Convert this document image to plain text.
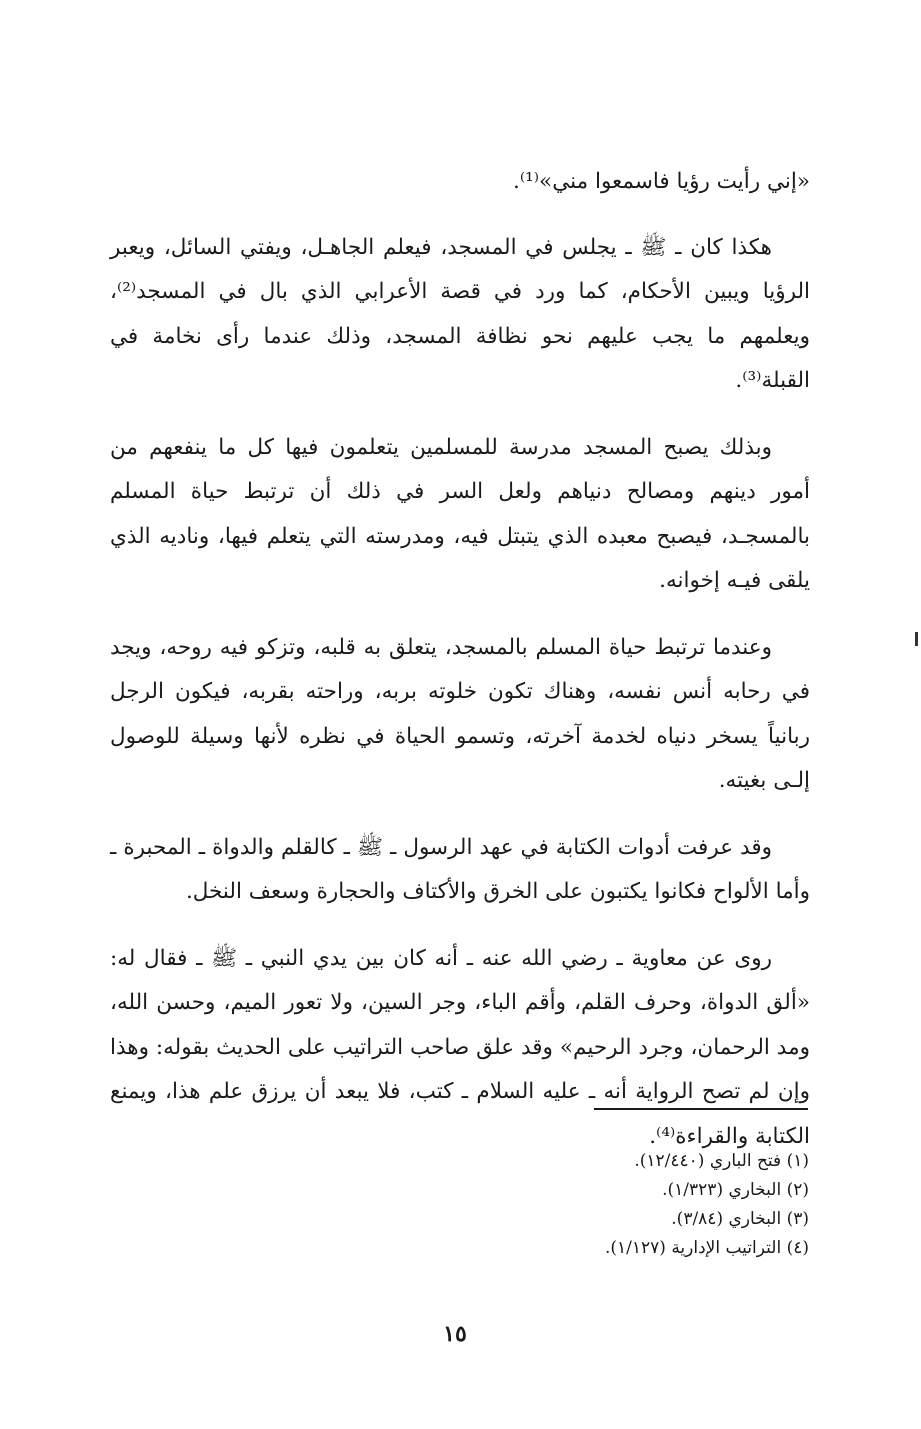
«إني رأيت رؤيا فاسمعوا مني»⁽¹⁾.

هكذا كان ـ ﷺ ـ يجلس في المسجد، فيعلم الجاهـل، ويفتي السائل، ويعبر الرؤيا ويبين الأحكام، كما ورد في قصة الأعرابي الذي بال في المسجد⁽²⁾، ويعلمهم ما يجب عليهم نحو نظافة المسجد، وذلك عندما رأى نخامة في القبلة⁽³⁾.

وبذلك يصبح المسجد مدرسة للمسلمين يتعلمون فيها كل ما ينفعهم من أمور دينهم ومصالح دنياهم ولعل السر في ذلك أن ترتبط حياة المسلم بالمسجـد، فيصبح معبده الذي يتبتل فيه، ومدرسته التي يتعلم فيها، وناديه الذي يلقى فيـه إخوانه.

وعندما ترتبط حياة المسلم بالمسجد، يتعلق به قلبه، وتزكو فيه روحه، ويجد في رحابه أنس نفسه، وهناك تكون خلوته بربه، وراحته بقربه، فيكون الرجل ربانياً يسخر دنياه لخدمة آخرته، وتسمو الحياة في نظره لأنها وسيلة للوصول إلـى بغيته.

وقد عرفت أدوات الكتابة في عهد الرسول ـ ﷺ ـ كالقلم والدواة ـ المحبرة ـ وأما الألواح فكانوا يكتبون على الخرق والأكتاف والحجارة وسعف النخل.

روى عن معاوية ـ رضي الله عنه ـ أنه كان بين يدي النبي ـ ﷺ ـ فقال له: «ألق الدواة، وحرف القلم، وأقم الباء، وجر السين، ولا تعور الميم، وحسن الله، ومد الرحمان، وجرد الرحيم» وقد علق صاحب التراتيب على الحديث بقوله: وهذا وإن لم تصح الرواية أنه ـ عليه السلام ـ كتب، فلا يبعد أن يرزق علم هذا، ويمنع الكتابة والقراءة⁽⁴⁾.

(١) فتح الباري (١٢/٤٤٠).
(٢) البخاري (١/٣٢٣).
(٣) البخاري (٣/٨٤).
(٤) التراتيب الإدارية (١/١٢٧).
١٥
